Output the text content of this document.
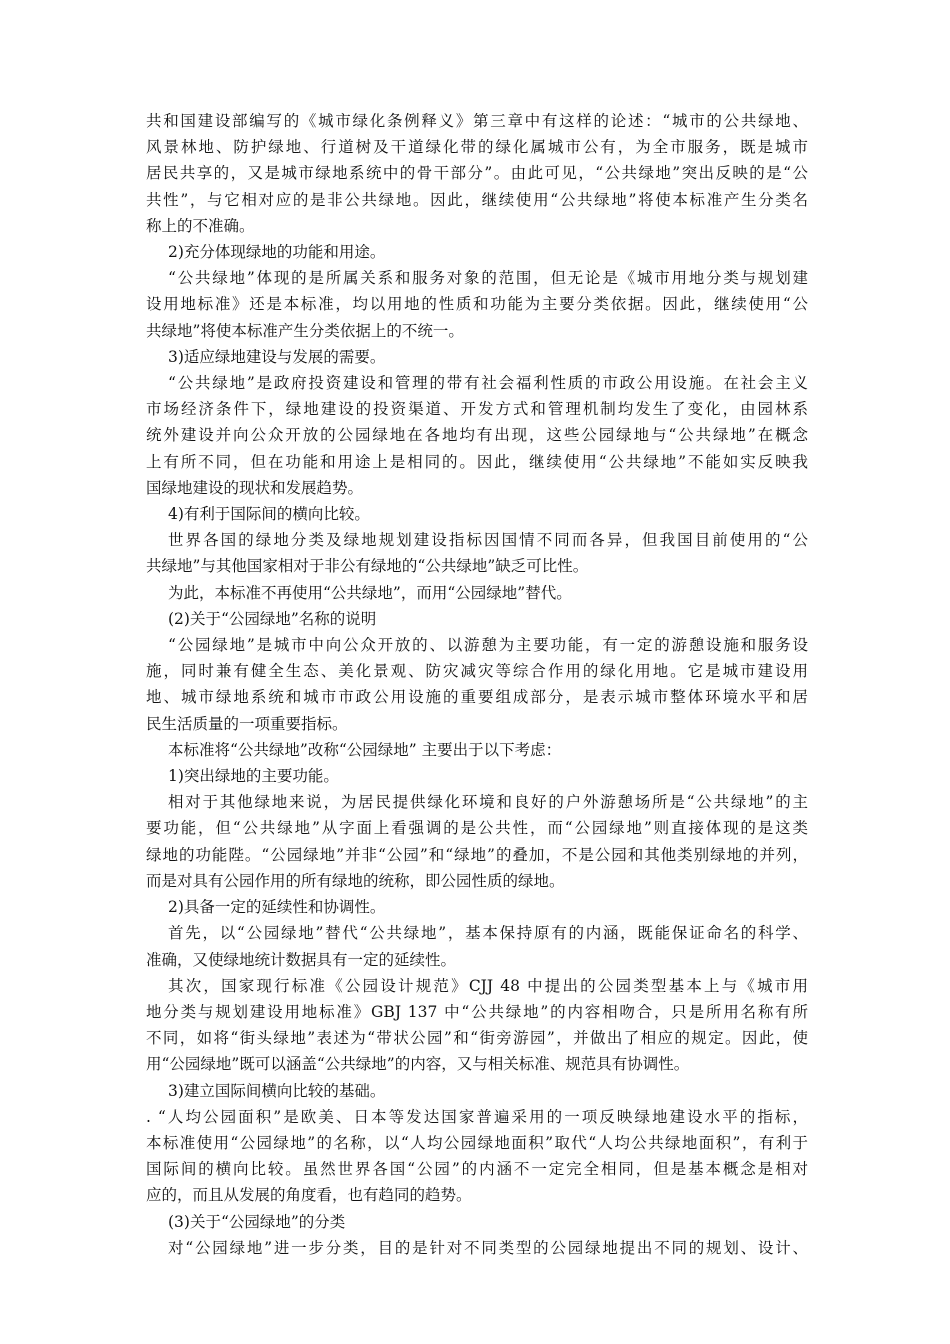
共和国建设部编写的《城市绿化条例释义》第三章中有这样的论述：“城市的公共绿地、
风景林地、防护绿地、行道树及干道绿化带的绿化属城市公有，为全市服务，既是城市
居民共享的，又是城市绿地系统中的骨干部分”。由此可见，“公共绿地”突出反映的是“公
共性”，与它相对应的是非公共绿地。因此，继续使用“公共绿地”将使本标准产生分类名
称上的不准确。
2)充分体现绿地的功能和用途。
“公共绿地”体现的是所属关系和服务对象的范围，但无论是《城市用地分类与规划建
设用地标准》还是本标准，均以用地的性质和功能为主要分类依据。因此，继续使用“公
共绿地”将使本标准产生分类依据上的不统一。
3)适应绿地建设与发展的需要。
“公共绿地”是政府投资建设和管理的带有社会福利性质的市政公用设施。在社会主义
市场经济条件下，绿地建设的投资渠道、开发方式和管理机制均发生了变化，由园林系
统外建设并向公众开放的公园绿地在各地均有出现，这些公园绿地与“公共绿地”在概念
上有所不同，但在功能和用途上是相同的。因此，继续使用“公共绿地”不能如实反映我
国绿地建设的现状和发展趋势。
4)有利于国际间的横向比较。
世界各国的绿地分类及绿地规划建设指标因国情不同而各异，但我国目前使用的“公
共绿地”与其他国家相对于非公有绿地的“公共绿地”缺乏可比性。
为此，本标准不再使用“公共绿地”，而用“公园绿地”替代。
(2)关于“公园绿地”名称的说明
“公园绿地”是城市中向公众开放的、以游憩为主要功能，有一定的游憩设施和服务设
施，同时兼有健全生态、美化景观、防灾减灾等综合作用的绿化用地。它是城市建设用
地、城市绿地系统和城市市政公用设施的重要组成部分，是表示城市整体环境水平和居
民生活质量的一项重要指标。
本标准将“公共绿地”改称“公园绿地” 主要出于以下考虑：
1)突出绿地的主要功能。
相对于其他绿地来说，为居民提供绿化环境和良好的户外游憩场所是“公共绿地”的主
要功能，但“公共绿地”从字面上看强调的是公共性，而“公园绿地”则直接体现的是这类
绿地的功能陛。“公园绿地”并非“公园”和“绿地”的叠加，不是公园和其他类别绿地的并列，
而是对具有公园作用的所有绿地的统称，即公园性质的绿地。
2)具备一定的延续性和协调性。
首先，以“公园绿地”替代“公共绿地”，基本保持原有的内涵，既能保证命名的科学、
准确，又使绿地统计数据具有一定的延续性。
其次，国家现行标准《公园设计规范》CJJ 48 中提出的公园类型基本上与《城市用
地分类与规划建设用地标准》GBJ 137 中“公共绿地”的内容相吻合，只是所用名称有所
不同，如将“街头绿地”表述为“带状公园”和“街旁游园”，并做出了相应的规定。因此，使
用“公园绿地”既可以涵盖“公共绿地”的内容，又与相关标准、规范具有协调性。
3)建立国际间横向比较的基础。
. “人均公园面积”是欧美、日本等发达国家普遍采用的一项反映绿地建设水平的指标，
本标准使用“公园绿地”的名称，以“人均公园绿地面积”取代“人均公共绿地面积”，有利于
国际间的横向比较。虽然世界各国“公园”的内涵不一定完全相同，但是基本概念是相对
应的，而且从发展的角度看，也有趋同的趋势。
(3)关于“公园绿地”的分类
对“公园绿地”进一步分类，目的是针对不同类型的公园绿地提出不同的规划、设计、
